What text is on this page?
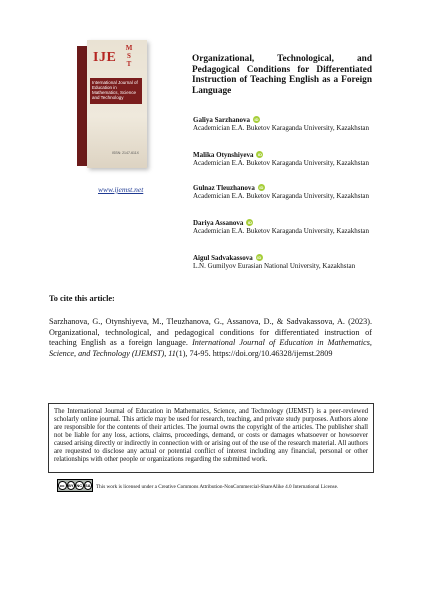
IJE MST
International Journal of Education in Mathematics, Science and Technology
ISSN: 2147-611X
www.ijemst.net
Organizational, Technological, and Pedagogical Conditions for Differentiated Instruction of Teaching English as a Foreign Language
Galiya Sarzhanova iD
Academician E.A. Buketov Karaganda University, Kazakhstan
Malika Otynshiyeva iD
Academician E.A. Buketov Karaganda University, Kazakhstan
Gulnaz Tleuzhanova iD
Academician E.A. Buketov Karaganda University, Kazakhstan
Dariya Assanova iD
Academician E.A. Buketov Karaganda University, Kazakhstan
Aigul Sadvakassova iD
L.N. Gumilyov Eurasian National University, Kazakhstan
To cite this article:
Sarzhanova, G., Otynshiyeva, M., Tleuzhanova, G., Assanova, D., & Sadvakassova, A. (2023). Organizational, technological, and pedagogical conditions for differentiated instruction of teaching English as a foreign language. International Journal of Education in Mathematics, Science, and Technology (IJEMST), 11(1), 74-95. https://doi.org/10.46328/ijemst.2809
The International Journal of Education in Mathematics, Science, and Technology (IJEMST) is a peer-reviewed scholarly online journal. This article may be used for research, teaching, and private study purposes. Authors alone are responsible for the contents of their articles. The journal owns the copyright of the articles. The publisher shall not be liable for any loss, actions, claims, proceedings, demand, or costs or damages whatsoever or howsoever caused arising directly or indirectly in connection with or arising out of the use of the research material. All authors are requested to disclose any actual or potential conflict of interest including any financial, personal or other relationships with other people or organizations regarding the submitted work.
cc BY NC SA This work is licensed under a Creative Commons Attribution-NonCommercial-ShareAlike 4.0 International License.
